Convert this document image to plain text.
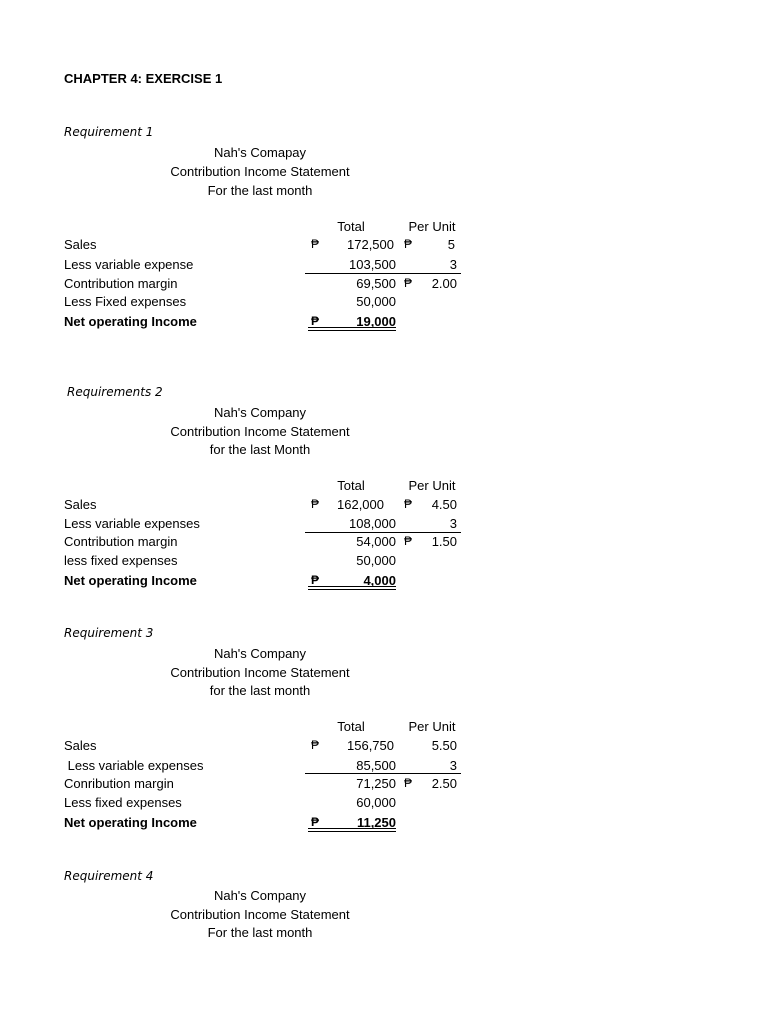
CHAPTER 4: EXERCISE 1
Requirement 1
Nah's Comapay
Contribution Income Statement
For the last month
Total	Per Unit
Sales	₱	172,500 ₱	5
Less variable expense	103,500	3
Contribution margin	69,500 ₱	2.00
Less Fixed expenses	50,000
Net operating Income	₱	19,000
Requirements 2
Nah's Company
Contribution Income Statement
for the last Month
Total	Per Unit
Sales	₱	162,000 ₱	4.50
Less variable expenses	108,000	3
Contribution margin	54,000 ₱	1.50
less fixed expenses	50,000
Net operating Income	₱	4,000
Requirement 3
Nah's Company
Contribution Income Statement
for the last month
Total	Per Unit
Sales	₱	156,750	5.50
Less variable expenses	85,500	3
Conribution margin	71,250 ₱	2.50
Less fixed expenses	60,000
Net operating Income	₱	11,250
Requirement 4
Nah's Company
Contribution Income Statement
For the last month
